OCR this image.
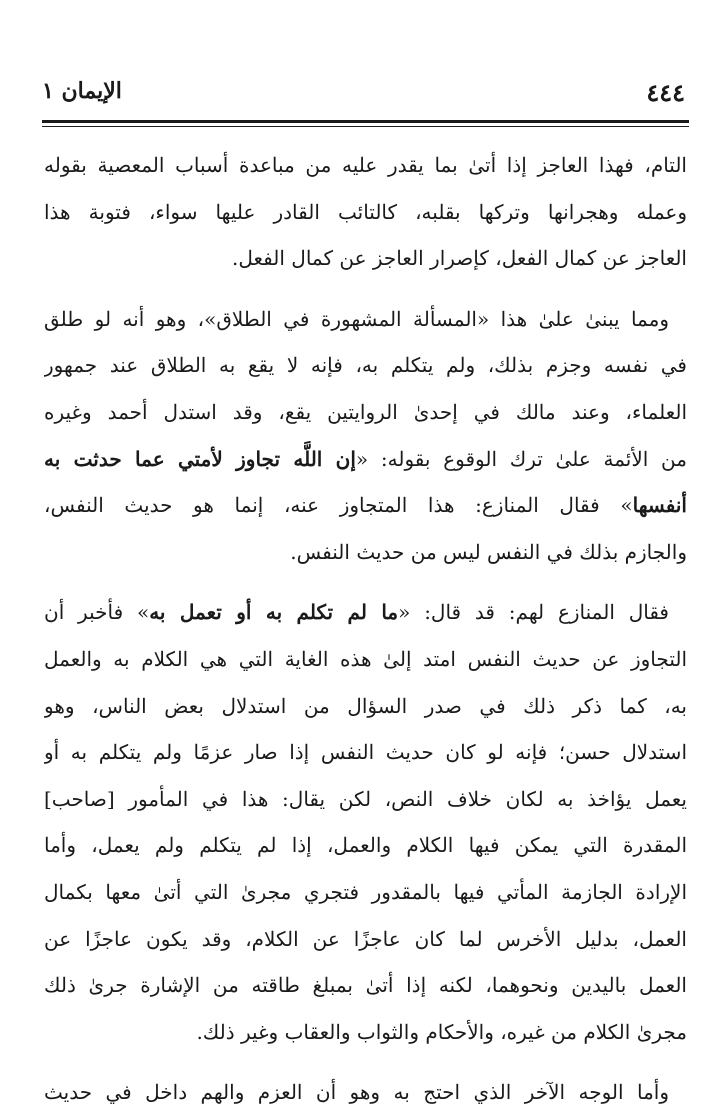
٤٤٤
الإيمان ١
التام، فهذا العاجز إذا أتىٰ بما يقدر عليه من مباعدة أسباب المعصية بقوله
وعمله وهجرانها وتركها بقلبه، كالتائب القادر عليها سواء، فتوبة هذا
العاجز عن كمال الفعل، كإصرار العاجز عن كمال الفعل.
ومما يبنىٰ علىٰ هذا «المسألة المشهورة في الطلاق»، وهو أنه لو طلق
في نفسه وجزم بذلك، ولم يتكلم به، فإنه لا يقع به الطلاق عند جمهور
العلماء، وعند مالك في إحدىٰ الروايتين يقع، وقد استدل أحمد وغيره
من الأئمة علىٰ ترك الوقوع بقوله: «إن اللَّه تجاوز لأمتي عما حدثت به
أنفسها» فقال المنازع: هذا المتجاوز عنه، إنما هو حديث النفس،
والجازم بذلك في النفس ليس من حديث النفس.
فقال المنازع لهم: قد قال: «ما لم تكلم به أو تعمل به» فأخبر أن
التجاوز عن حديث النفس امتد إلىٰ هذه الغاية التي هي الكلام به والعمل
به، كما ذكر ذلك في صدر السؤال من استدلال بعض الناس، وهو
استدلال حسن؛ فإنه لو كان حديث النفس إذا صار عزمًا ولم يتكلم به أو
يعمل يؤاخذ به لكان خلاف النص، لكن يقال: هذا في المأمور [صاحب]
المقدرة التي يمكن فيها الكلام والعمل، إذا لم يتكلم ولم يعمل، وأما
الإرادة الجازمة المأتي فيها بالمقدور فتجري مجرىٰ التي أتىٰ معها بكمال
العمل، بدليل الأخرس لما كان عاجزًا عن الكلام، وقد يكون عاجزًا عن
العمل باليدين ونحوهما، لكنه إذا أتىٰ بمبلغ طاقته من الإشارة جرىٰ ذلك
مجرىٰ الكلام من غيره، والأحكام والثواب والعقاب وغير ذلك.
وأما الوجه الآخر الذي احتج به وهو أن العزم والهم داخل في حديث
